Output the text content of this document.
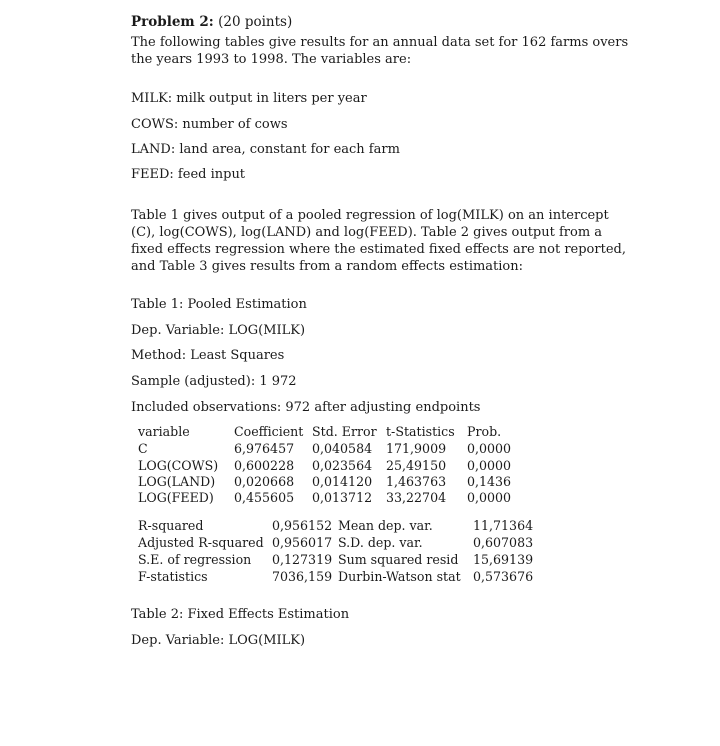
Problem 2: (20 points)
The following tables give results for an annual data set for 162 farms overs
the years 1993 to 1998. The variables are:
MILK: milk output in liters per year
COWS: number of cows
LAND: land area, constant for each farm
FEED: feed input
Table 1 gives output of a pooled regression of log(MILK) on an intercept
(C), log(COWS), log(LAND) and log(FEED). Table 2 gives output from a
fixed effects regression where the estimated fixed effects are not reported,
and Table 3 gives results from a random effects estimation:
Table 1: Pooled Estimation
Dep. Variable: LOG(MILK)
Method: Least Squares
Sample (adjusted): 1 972
Included observations: 972 after adjusting endpoints
variable	Coefficient Std. Error t-Statistics Prob.
C	6,976457 0,040584 171,9009 0,0000
LOG(COWS) 0,600228 0,023564 25,49150 0,0000
LOG(LAND) 0,020668 0,014120 1,463763 0,1436
LOG(FEED) 0,455605 0,013712 33,22704 0,0000
R-squared	0,956152 Mean dep. var.	11,71364
Adjusted R-squared 0,956017 S.D. dep. var.	0,607083
S.E. of regression 0,127319 Sum squared resid 15,69139
F-statistics	7036,159 Durbin-Watson stat 0,573676
Table 2: Fixed Effects Estimation
Dep. Variable: LOG(MILK)
